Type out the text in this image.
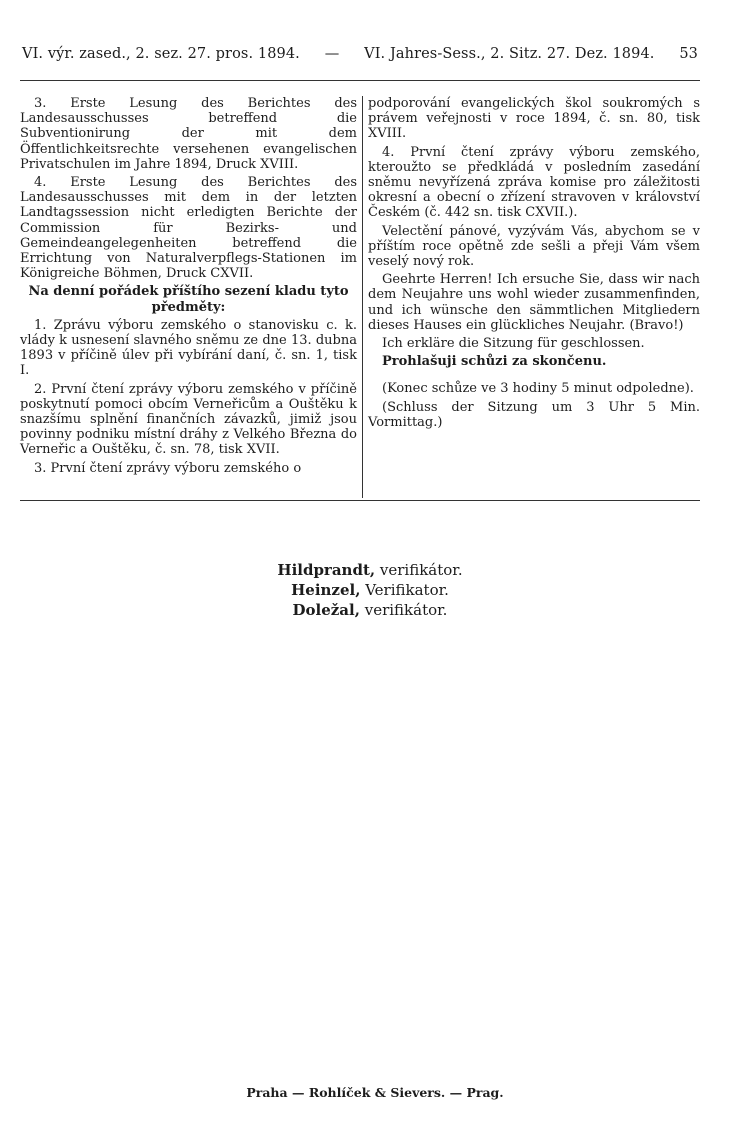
VI. výr. zased., 2. sez. 27. pros. 1894. — VI. Jahres-Sess., 2. Sitz. 27. Dez. 1894. 53

3. Erste Lesung des Berichtes des Landesausschusses betreffend die Subventionirung der mit dem Öffentlichkeitsrechte versehenen evangelischen Privatschulen im Jahre 1894, Druck XVIII.

4. Erste Lesung des Berichtes des Landesausschusses mit dem in der letzten Landtagssession nicht erledigten Berichte der Commission für Bezirks- und Gemeindeangelegenheiten betreffend die Errichtung von Naturalverpflegs-Stationen im Königreiche Böhmen, Druck CXVII.

Na denní pořádek příštího sezení kladu tyto předměty:

1. Zprávu výboru zemského o stanovisku c. k. vlády k usnesení slavného sněmu ze dne 13. dubna 1893 v příčině úlev při vybírání daní, č. sn. 1, tisk I.

2. První čtení zprávy výboru zemského v příčině poskytnutí pomoci obcím Verneřicům a Ouštěku k snazšímu splnění finančních závazků, jimiž jsou povinny podniku místní dráhy z Velkého Března do Verneřic a Ouštěku, č. sn. 78, tisk XVII.

3. První čtení zprávy výboru zemského o

podporování evangelických škol soukromých s právem veřejnosti v roce 1894, č. sn. 80, tisk XVIII.

4. První čtení zprávy výboru zemského, kteroužto se předkládá v posledním zasedání sněmu nevyřízená zpráva komise pro záležitosti okresní a obecní o zřízení stravoven v království Českém (č. 442 sn. tisk CXVII.).

Velectění pánové, vyzývám Vás, abychom se v příštím roce opětně zde sešli a přeji Vám všem veselý nový rok.

Geehrte Herren! Ich ersuche Sie, dass wir nach dem Neujahre uns wohl wieder zusammenfinden, und ich wünsche den sämmtlichen Mitgliedern dieses Hauses ein glückliches Neujahr. (Bravo!)

Ich erkläre die Sitzung für geschlossen.

Prohlašuji schůzi za skončenu.

(Konec schůze ve 3 hodiny 5 minut odpoledne).

(Schluss der Sitzung um 3 Uhr 5 Min. Vormittag.)

Hildprandt, verifikátor.
Heinzel, Verifikator.
Doležal, verifikátor.
Praha — Rohlíček & Sievers. — Prag.
